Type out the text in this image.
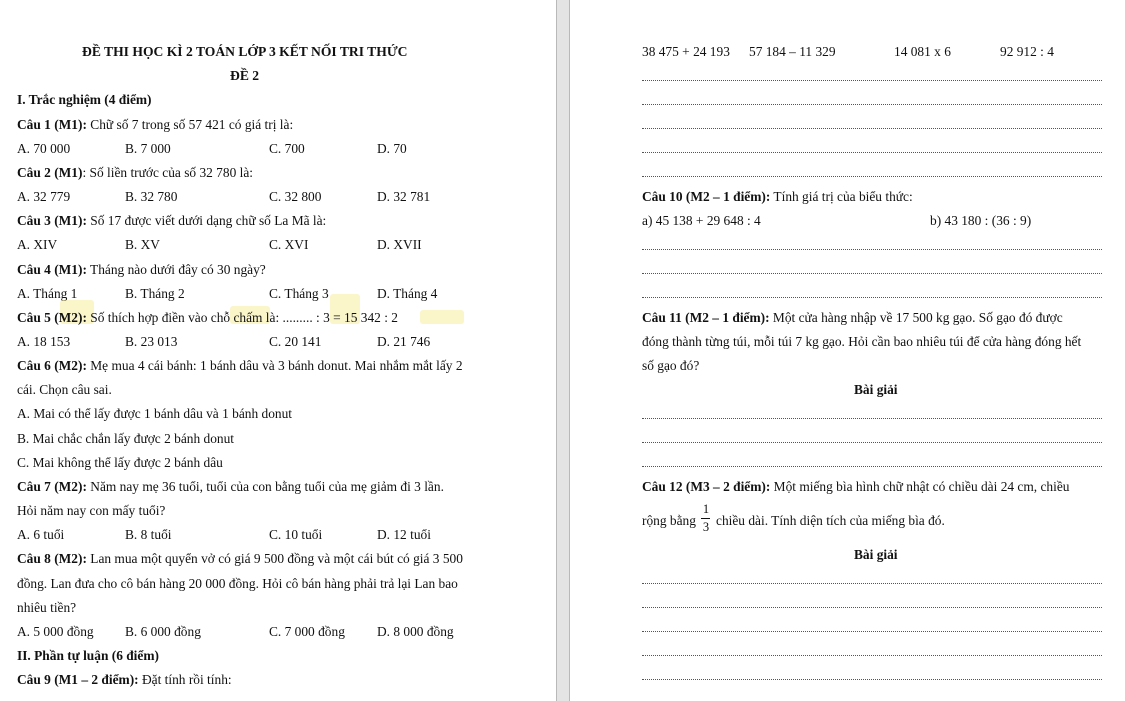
ĐỀ THI HỌC KÌ 2 TOÁN LỚP 3 KẾT NỐI TRI THỨC
ĐỀ 2
I. Trắc nghiệm (4 điểm)
Câu 1 (M1): Chữ số 7 trong số 57 421 có giá trị là:
A. 70 000	B. 7 000	C. 700	D. 70
Câu 2 (M1): Số liền trước của số 32 780 là:
A. 32 779	B. 32 780	C. 32 800	D. 32 781
Câu 3 (M1): Số 17 được viết dưới dạng chữ số La Mã là:
A. XIV	B. XV	C. XVI	D. XVII
Câu 4 (M1): Tháng nào dưới đây có 30 ngày?
A. Tháng 1	B. Tháng 2	C. Tháng 3	D. Tháng 4
Câu 5 (M2): Số thích hợp điền vào chỗ chấm là: ......... : 3 = 15 342 : 2
A. 18 153	B. 23 013	C. 20 141	D. 21 746
Câu 6 (M2): Mẹ mua 4 cái bánh: 1 bánh dâu và 3 bánh donut. Mai nhắm mắt lấy 2
cái. Chọn câu sai.
A. Mai có thể lấy được 1 bánh dâu và 1 bánh donut
B. Mai chắc chắn lấy được 2 bánh donut
C. Mai không thể lấy được 2 bánh dâu
Câu 7 (M2): Năm nay mẹ 36 tuổi, tuổi của con bằng tuổi của mẹ giảm đi 3 lần.
Hỏi năm nay con mấy tuổi?
A. 6 tuổi	B. 8 tuổi	C. 10 tuổi	D. 12 tuổi
Câu 8 (M2): Lan mua một quyển vở có giá 9 500 đồng và một cái bút có giá 3 500
đồng. Lan đưa cho cô bán hàng 20 000 đồng. Hỏi cô bán hàng phải trả lại Lan bao
nhiêu tiền?
A. 5 000 đồng B. 6 000 đồng	C. 7 000 đồng D. 8 000 đồng
II. Phần tự luận (6 điểm)
Câu 9 (M1 – 2 điểm): Đặt tính rồi tính:
38 475 + 24 193 57 184 – 11 329	14 081 x 6	92 912 : 4
Câu 10 (M2 – 1 điểm): Tính giá trị của biểu thức:
a) 45 138 + 29 648 : 4	b) 43 180 : (36 : 9)
Câu 11 (M2 – 1 điểm): Một cửa hàng nhập về 17 500 kg gạo. Số gạo đó được
đóng thành từng túi, mỗi túi 7 kg gạo. Hỏi cần bao nhiêu túi để cửa hàng đóng hết
số gạo đó?
Bài giải
Câu 12 (M3 – 2 điểm): Một miếng bìa hình chữ nhật có chiều dài 24 cm, chiều
rộng bằng
1
3 chiều dài. Tính diện tích của miếng bìa đó.
Bài giải
